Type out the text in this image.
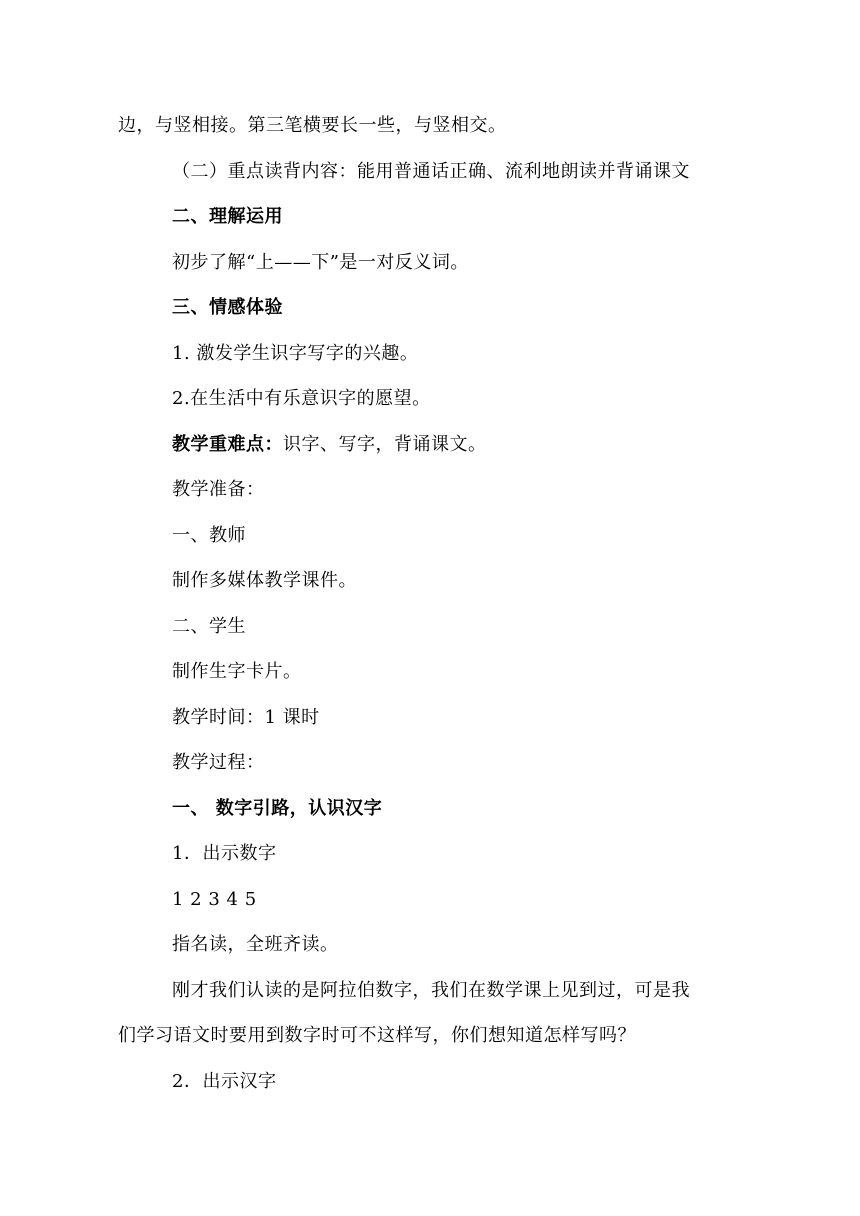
边，与竖相接。第三笔横要长一些，与竖相交。
（二）重点读背内容：能用普通话正确、流利地朗读并背诵课文
二、理解运用
初步了解“上——下”是一对反义词。
三、情感体验
1. 激发学生识字写字的兴趣。
2.在生活中有乐意识字的愿望。
教学重难点：识字、写字，背诵课文。
教学准备：
一、教师
制作多媒体教学课件。
二、学生
制作生字卡片。
教学时间：1 课时
教学过程：
一、 数字引路，认识汉字
1．出示数字
1 2 3 4 5
指名读，全班齐读。
刚才我们认读的是阿拉伯数字，我们在数学课上见到过，可是我
们学习语文时要用到数字时可不这样写，你们想知道怎样写吗？
2．出示汉字
